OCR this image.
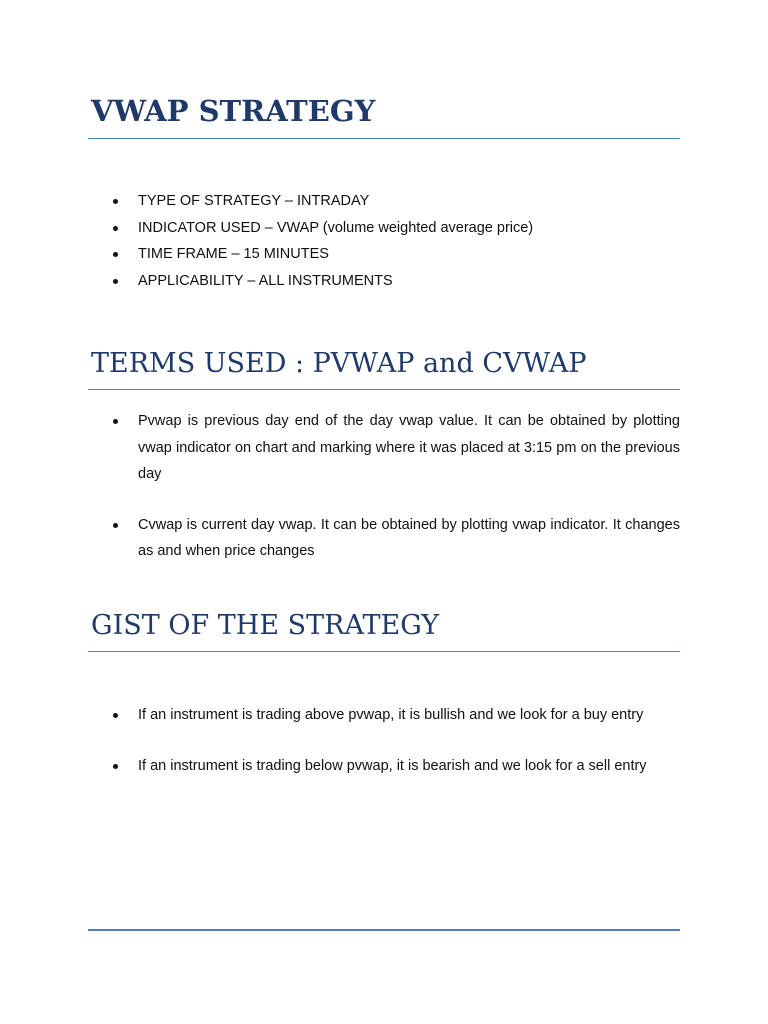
VWAP STRATEGY
TYPE OF STRATEGY – INTRADAY
INDICATOR USED – VWAP (volume weighted average price)
TIME FRAME – 15 MINUTES
APPLICABILITY – ALL INSTRUMENTS
TERMS USED : PVWAP and CVWAP
Pvwap is previous day end of the day vwap value. It can be obtained by plotting vwap indicator on chart and marking where it was placed at 3:15 pm on the previous day
Cvwap is current day vwap. It can be obtained by plotting vwap indicator. It changes as and when price changes
GIST OF THE STRATEGY
If an instrument is trading above pvwap, it is bullish and we look for a buy entry
If an instrument is trading below pvwap, it is bearish and we look for a sell entry
